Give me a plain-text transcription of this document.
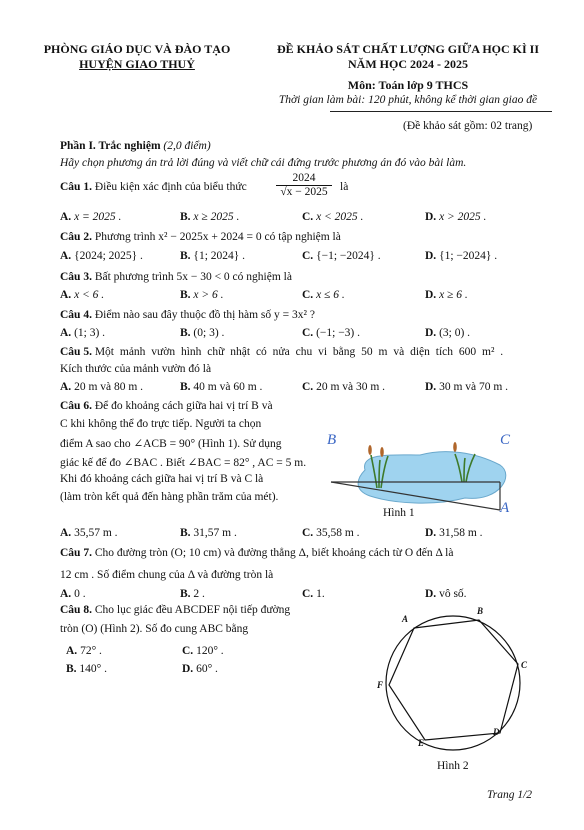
PHÒNG GIÁO DỤC VÀ ĐÀO TẠO
HUYỆN GIAO THUỶ
ĐỀ KHẢO SÁT CHẤT LƯỢNG GIỮA HỌC KÌ II
NĂM HỌC 2024 - 2025
Môn: Toán lớp 9 THCS
Thời gian làm bài: 120 phút, không kể thời gian giao đề
(Đề khảo sát gồm: 02 trang)
Phần I. Trắc nghiệm (2,0 điểm)
Hãy chọn phương án trả lời đúng và viết chữ cái đứng trước phương án đó vào bài làm.
Câu 1. Điều kiện xác định của biểu thức	$\frac{2024}{√x - 2025}$ là
A. x = 2025 .	B. x ≥ 2025 .	C. x < 2025 .	D. x > 2025 .
Câu 2. Phương trình x² − 2025x + 2024 = 0 có tập nghiệm là
A. {2024; 2025} .	B. {1; 2024} .	C. {−1; −2024} .	D. {1; −2024} .
Câu 3. Bất phương trình 5x − 30 < 0 có nghiệm là
A. x < 6 .	B. x > 6 .	C. x ≤ 6 .	D. x ≥ 6 .
Câu 4. Điểm nào sau đây thuộc đồ thị hàm số y = 3x² ?
A. (1; 3) .	B. (0; 3) .	C. (−1; −3) .	D. (3; 0) .
Câu 5. Một mảnh vườn hình chữ nhật có nửa chu vi bằng 50 m và diện tích 600 m² .
Kích thước của mảnh vườn đó là
A. 20 m và 80 m .	B. 40 m và 60 m .	C. 20 m và 30 m .	D. 30 m và 70 m .
Câu 6. Để đo khoảng cách giữa hai vị trí B và
C khi không thể đo trực tiếp. Người ta chọn
điểm A sao cho ∠ACB = 90° (Hình 1). Sử dụng
giác kế để đo ∠BAC . Biết ∠BAC = 82° , AC = 5 m.
Khi đó khoảng cách giữa hai vị trí B và C là
(làm tròn kết quả đến hàng phần trăm của mét).
B	C
A
Hình 1
A. 35,57 m .	B. 31,57 m .	C. 35,58 m .	D. 31,58 m .
Câu 7. Cho đường tròn (O; 10 cm) và đường thẳng Δ, biết khoảng cách từ O đến Δ là
12 cm . Số điểm chung của Δ và đường tròn là
A. 0 .	B. 2 .	C. 1.	D. vô số.
Câu 8. Cho lục giác đều ABCDEF nội tiếp đường
tròn (O) (Hình 2). Số đo cung ABC bằng
A. 72° .	C. 120° .
B. 140° .	D. 60° .
A
B
C
D
E
F
Hình 2
Trang 1/2
